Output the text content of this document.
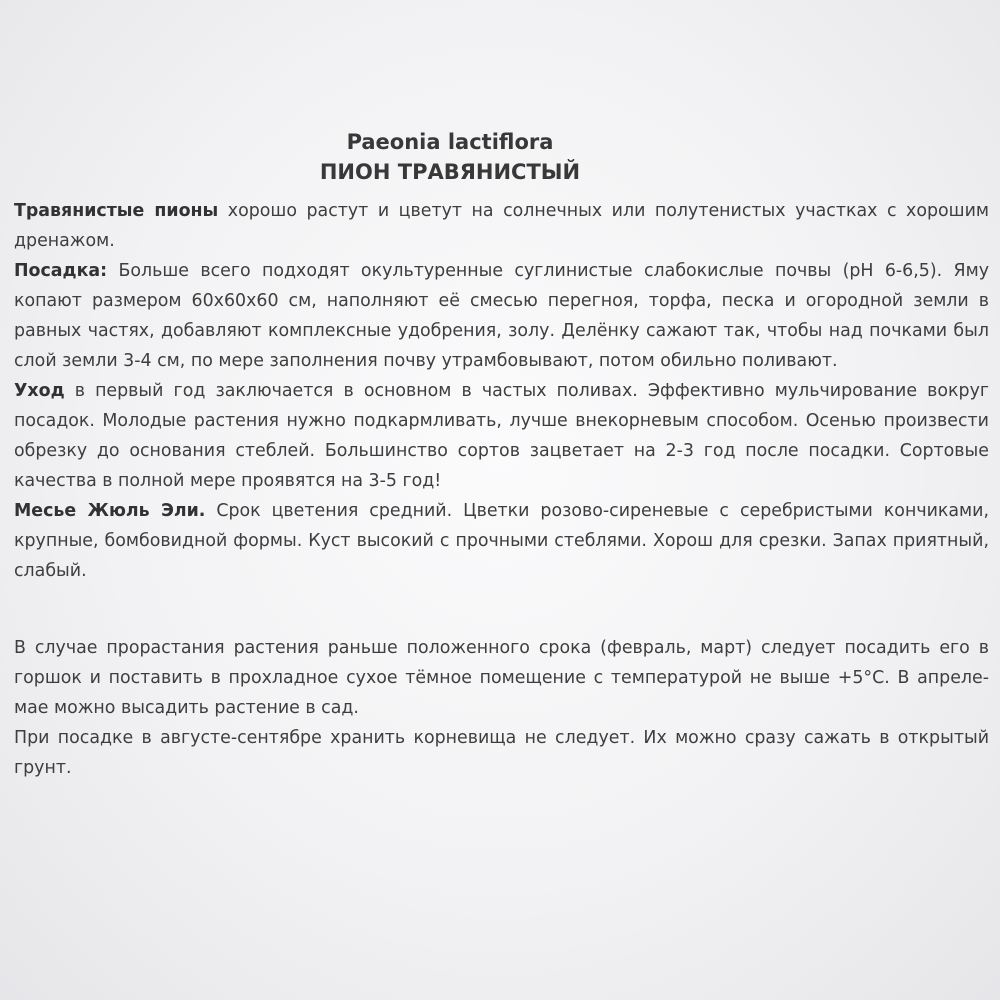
Paeonia lactiflora
ПИОН ТРАВЯНИСТЫЙ

Травянистые пионы хорошо растут и цветут на солнечных или полутенистых участках с хорошим дренажом.

Посадка: Больше всего подходят окультуренные суглинистые слабокислые почвы (pH 6-6,5). Яму копают размером 60х60х60 см, наполняют её смесью перегноя, торфа, песка и огородной земли в равных частях, добавляют комплексные удобрения, золу. Делёнку сажают так, чтобы над почками был слой земли 3-4 см, по мере заполнения почву утрамбовывают, потом обильно поливают.

Уход в первый год заключается в основном в частых поливах. Эффективно мульчирование вокруг посадок. Молодые растения нужно подкармливать, лучше внекорневым способом. Осенью произвести обрезку до основания стеблей. Большинство сортов зацветает на 2-3 год после посадки. Сортовые качества в полной мере проявятся на 3-5 год!

Месье Жюль Эли. Срок цветения средний. Цветки розово-сиреневые с серебристыми кончиками, крупные, бомбовидной формы. Куст высокий с прочными стеблями. Хорош для срезки. Запах приятный, слабый.

В случае прорастания растения раньше положенного срока (февраль, март) следует посадить его в горшок и поставить в прохладное сухое тёмное помещение с температурой не выше +5°С. В апреле-мае можно высадить растение в сад.

При посадке в августе-сентябре хранить корневища не следует. Их можно сразу сажать в открытый грунт.
